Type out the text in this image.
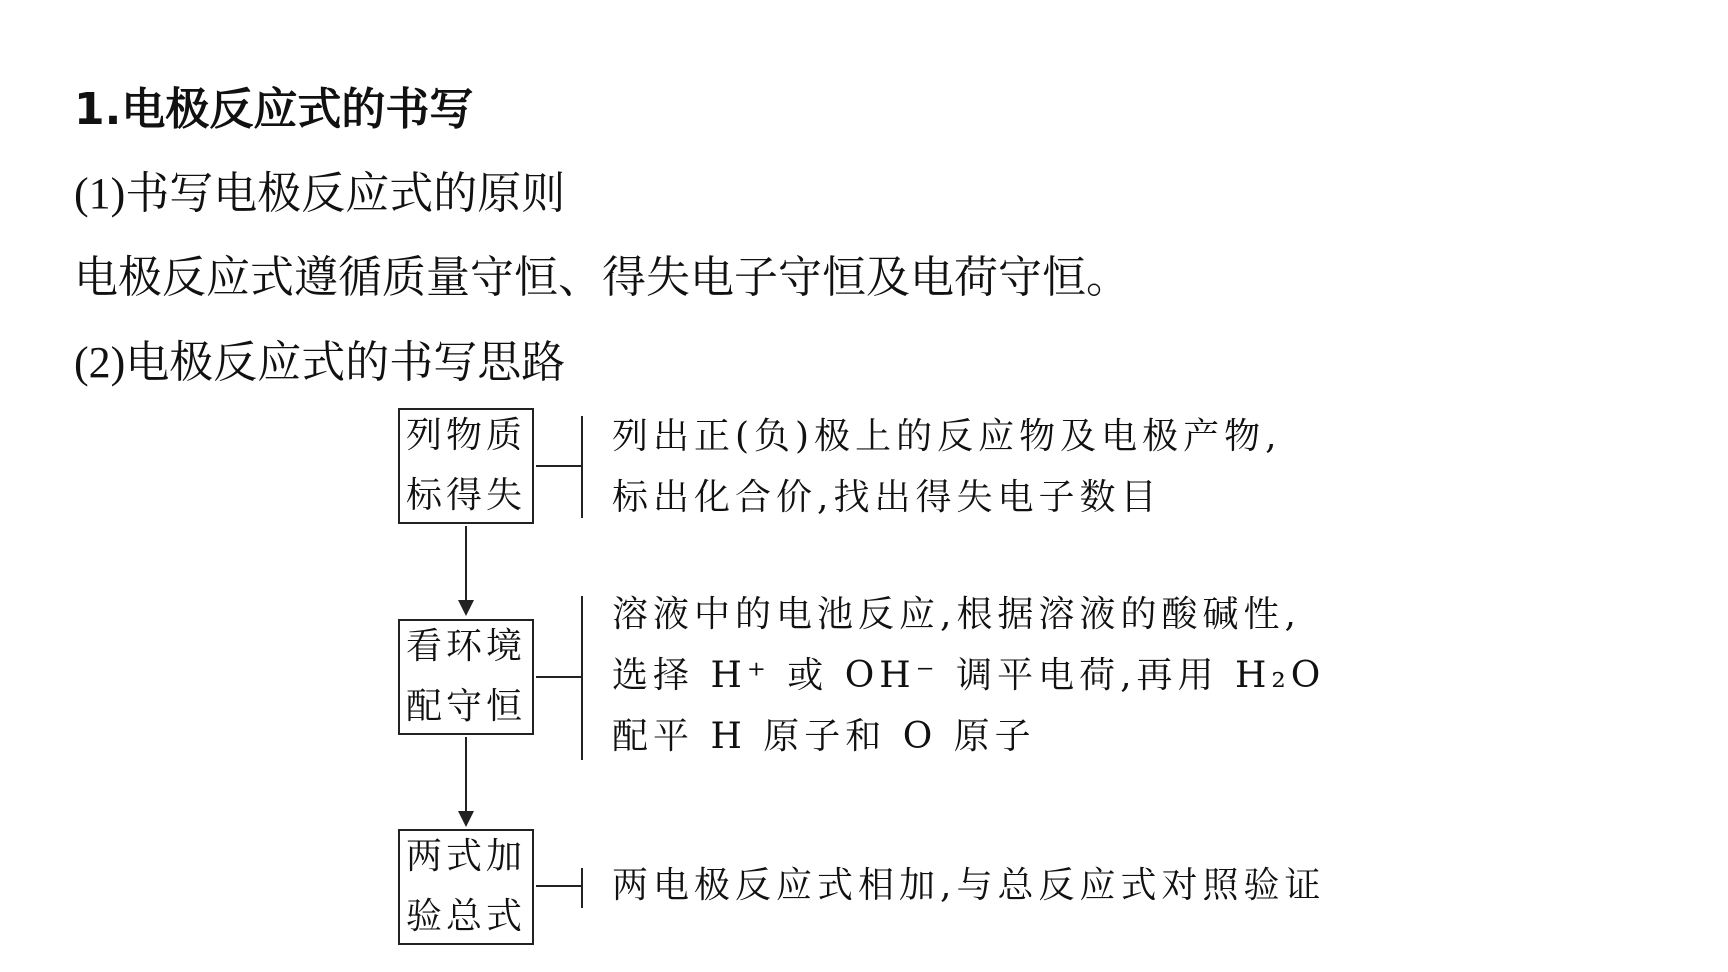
1.电极反应式的书写
(1)书写电极反应式的原则
电极反应式遵循质量守恒、得失电子守恒及电荷守恒。
(2)电极反应式的书写思路
列物质
标得失
看环境
配守恒
两式加
验总式
列出正(负)极上的反应物及电极产物,
标出化合价,找出得失电子数目
溶液中的电池反应,根据溶液的酸碱性,
选择 H⁺ 或 OH⁻ 调平电荷,再用 H₂O
配平 H 原子和 O 原子
两电极反应式相加,与总反应式对照验证
